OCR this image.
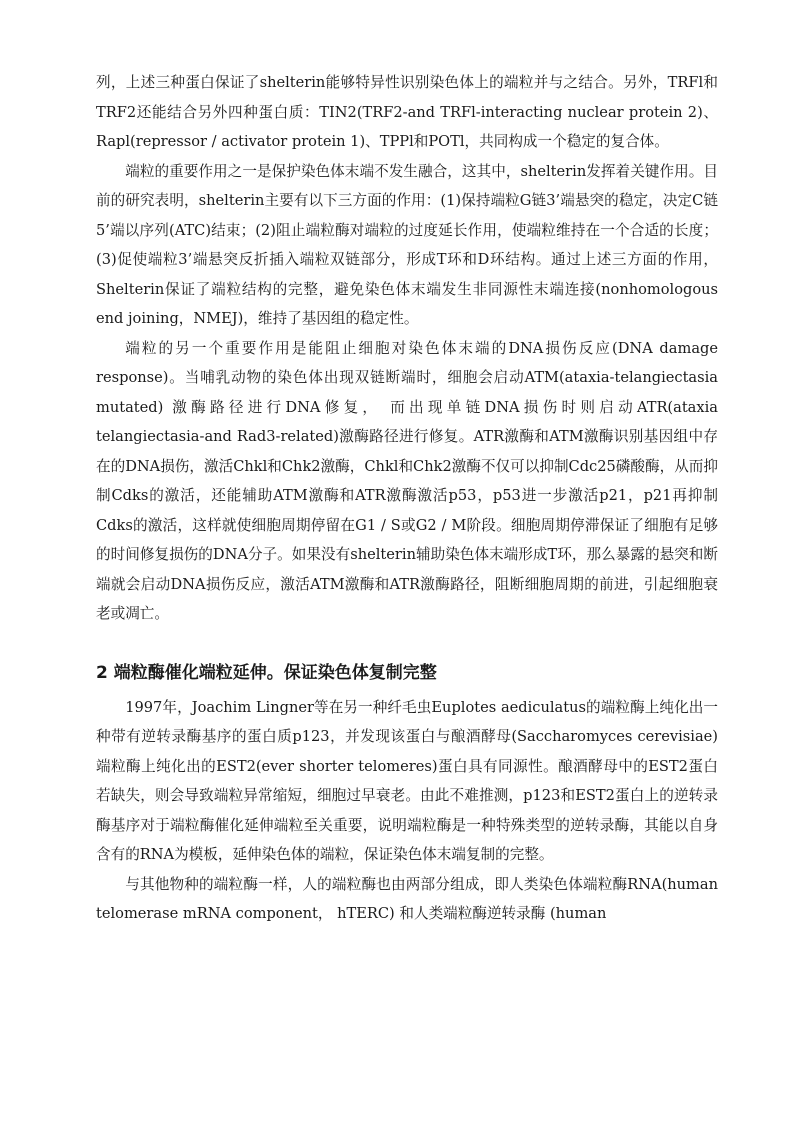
列，上述三种蛋白保证了shelterin能够特异性识别染色体上的端粒并与之结合。另外，TRFl和TRF2还能结合另外四种蛋白质：TIN2(TRF2-and TRFl-interacting nuclear protein 2)、Rapl(repressor / activator protein 1)、TPPl和POTl，共同构成一个稳定的复合体。

端粒的重要作用之一是保护染色体末端不发生融合，这其中，shelterin发挥着关键作用。目前的研究表明，shelterin主要有以下三方面的作用：(1)保持端粒G链3’端悬突的稳定，决定C链5’端以序列(ATC)结束；(2)阻止端粒酶对端粒的过度延长作用，使端粒维持在一个合适的长度；(3)促使端粒3’端悬突反折插入端粒双链部分，形成T环和D环结构。通过上述三方面的作用，Shelterin保证了端粒结构的完整，避免染色体末端发生非同源性末端连接(nonhomologous end joining，NMEJ)，维持了基因组的稳定性。

端粒的另一个重要作用是能阻止细胞对染色体末端的DNA损伤反应(DNA damage response)。当哺乳动物的染色体出现双链断端时，细胞会启动ATM(ataxia-telangiectasia mutated) 激酶路径进行DNA修复， 而出现单链DNA损伤时则启动ATR(ataxia telangiectasia-and Rad3-related)激酶路径进行修复。ATR激酶和ATM激酶识别基因组中存在的DNA损伤，激活Chkl和Chk2激酶，Chkl和Chk2激酶不仅可以抑制Cdc25磷酸酶，从而抑制Cdks的激活，还能辅助ATM激酶和ATR激酶激活p53，p53进一步激活p21，p21再抑制Cdks的激活，这样就使细胞周期停留在G1 / S或G2 / M阶段。细胞周期停滞保证了细胞有足够的时间修复损伤的DNA分子。如果没有shelterin辅助染色体末端形成T环，那么暴露的悬突和断端就会启动DNA损伤反应，激活ATM激酶和ATR激酶路径，阻断细胞周期的前进，引起细胞衰老或凋亡。

2 端粒酶催化端粒延伸。保证染色体复制完整

1997年，Joachim Lingner等在另一种纤毛虫Euplotes aediculatus的端粒酶上纯化出一种带有逆转录酶基序的蛋白质p123，并发现该蛋白与酿酒酵母(Saccharomyces cerevisiae)端粒酶上纯化出的EST2(ever shorter telomeres)蛋白具有同源性。酿酒酵母中的EST2蛋白若缺失，则会导致端粒异常缩短，细胞过早衰老。由此不难推测，p123和EST2蛋白上的逆转录酶基序对于端粒酶催化延伸端粒至关重要，说明端粒酶是一种特殊类型的逆转录酶，其能以自身含有的RNA为模板，延伸染色体的端粒，保证染色体末端复制的完整。

与其他物种的端粒酶一样，人的端粒酶也由两部分组成，即人类染色体端粒酶RNA(human telomerase mRNA component， hTERC) 和人类端粒酶逆转录酶 (human
